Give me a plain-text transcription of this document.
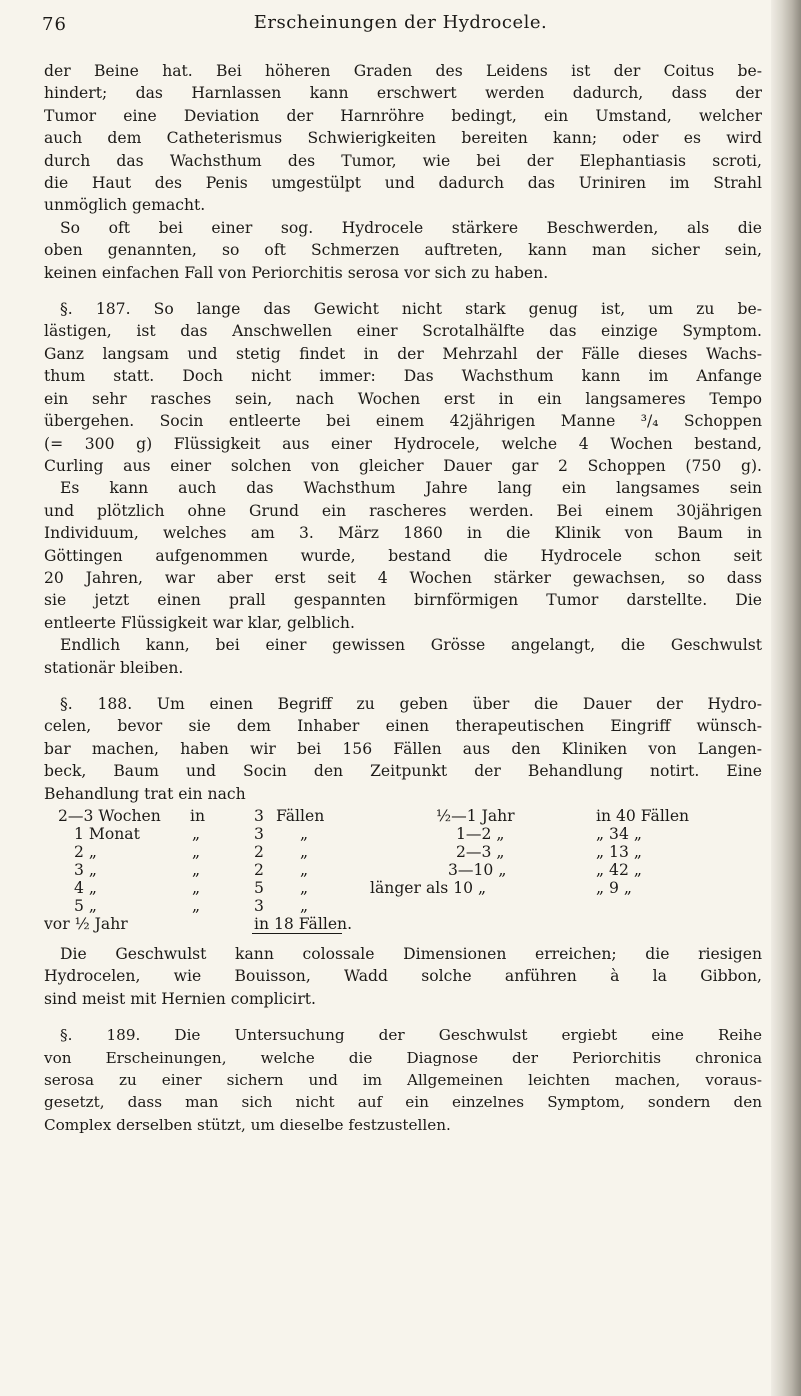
76	Erscheinungen der Hydrocele.
der Beine hat. Bei höheren Graden des Leidens ist der Coitus be-
hindert; das Harnlassen kann erschwert werden dadurch, dass der
Tumor eine Deviation der Harnröhre bedingt, ein Umstand, welcher
auch dem Catheterismus Schwierigkeiten bereiten kann; oder es wird
durch das Wachsthum des Tumor, wie bei der Elephantiasis scroti,
die Haut des Penis umgestülpt und dadurch das Uriniren im Strahl
unmöglich gemacht.
So oft bei einer sog. Hydrocele stärkere Beschwerden, als die
oben genannten, so oft Schmerzen auftreten, kann man sicher sein,
keinen einfachen Fall von Periorchitis serosa vor sich zu haben.
§. 187. So lange das Gewicht nicht stark genug ist, um zu be-
lästigen, ist das Anschwellen einer Scrotalhälfte das einzige Symptom.
Ganz langsam und stetig findet in der Mehrzahl der Fälle dieses Wachs-
thum statt. Doch nicht immer: Das Wachsthum kann im Anfange
ein sehr rasches sein, nach Wochen erst in ein langsameres Tempo
übergehen. Socin entleerte bei einem 42jährigen Manne ³/₄ Schoppen
(= 300 g) Flüssigkeit aus einer Hydrocele, welche 4 Wochen bestand,
Curling aus einer solchen von gleicher Dauer gar 2 Schoppen (750 g).
Es kann auch das Wachsthum Jahre lang ein langsames sein
und plötzlich ohne Grund ein rascheres werden. Bei einem 30jährigen
Individuum, welches am 3. März 1860 in die Klinik von Baum in
Göttingen aufgenommen wurde, bestand die Hydrocele schon seit
20 Jahren, war aber erst seit 4 Wochen stärker gewachsen, so dass
sie jetzt einen prall gespannten birnförmigen Tumor darstellte. Die
entleerte Flüssigkeit war klar, gelblich.
Endlich kann, bei einer gewissen Grösse angelangt, die Geschwulst
stationär bleiben.
§. 188. Um einen Begriff zu geben über die Dauer der Hydro-
celen, bevor sie dem Inhaber einen therapeutischen Eingriff wünsch-
bar machen, haben wir bei 156 Fällen aus den Kliniken von Langen-
beck, Baum und Socin den Zeitpunkt der Behandlung notirt. Eine
Behandlung trat ein nach
2—3 Wochen in	3 Fällen	½—1 Jahr	in 40 Fällen
1 Monat	„	3 „	1—2 „	„ 34 „
2 „	„	2 „	2—3 „	„ 13 „
3 „	„	2 „	3—10 „	„ 42 „
4 „	„	5 „	länger als 10 „	„ 9 „
5 „	„	3 „
vor ½ Jahr	in 18 Fällen.
Die Geschwulst kann colossale Dimensionen erreichen; die riesigen
Hydrocelen, wie Bouisson, Wadd solche anführen à la Gibbon,
sind meist mit Hernien complicirt.
§. 189. Die Untersuchung der Geschwulst ergiebt eine Reihe
von Erscheinungen, welche die Diagnose der Periorchitis chronica
serosa zu einer sichern und im Allgemeinen leichten machen, voraus-
gesetzt, dass man sich nicht auf ein einzelnes Symptom, sondern den
Complex derselben stützt, um dieselbe festzustellen.
